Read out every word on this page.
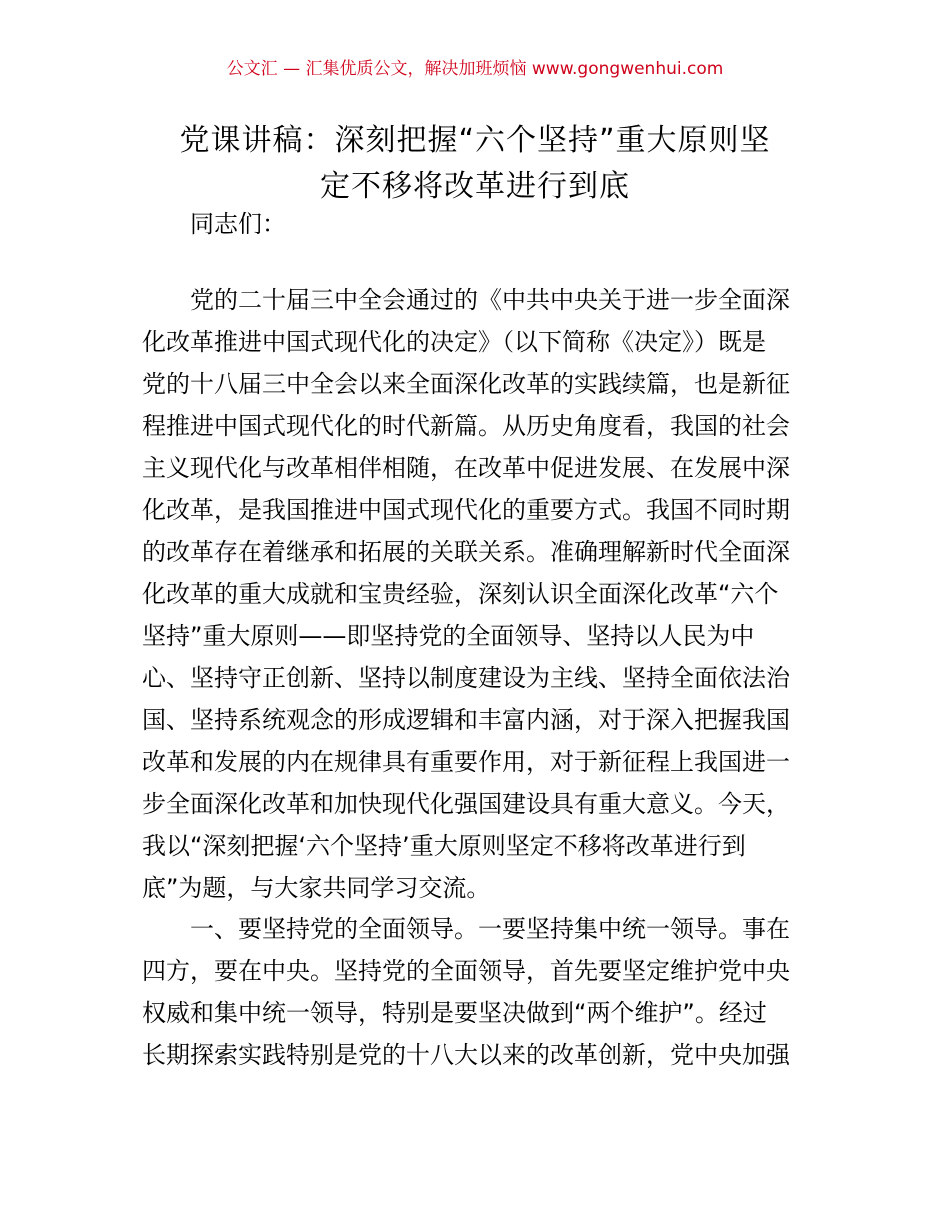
公文汇 — 汇集优质公文，解决加班烦恼 www.gongwenhui.com
党课讲稿：深刻把握“六个坚持”重大原则坚
定不移将改革进行到底
同志们：
党的二十届三中全会通过的《中共中央关于进一步全面深
化改革推进中国式现代化的决定》（以下简称《决定》）既是
党的十八届三中全会以来全面深化改革的实践续篇，也是新征
程推进中国式现代化的时代新篇。从历史角度看，我国的社会
主义现代化与改革相伴相随，在改革中促进发展、在发展中深
化改革，是我国推进中国式现代化的重要方式。我国不同时期
的改革存在着继承和拓展的关联关系。准确理解新时代全面深
化改革的重大成就和宝贵经验，深刻认识全面深化改革“六个
坚持”重大原则——即坚持党的全面领导、坚持以人民为中
心、坚持守正创新、坚持以制度建设为主线、坚持全面依法治
国、坚持系统观念的形成逻辑和丰富内涵，对于深入把握我国
改革和发展的内在规律具有重要作用，对于新征程上我国进一
步全面深化改革和加快现代化强国建设具有重大意义。今天，
我以“深刻把握‘六个坚持’重大原则坚定不移将改革进行到
底”为题，与大家共同学习交流。
一、要坚持党的全面领导。一要坚持集中统一领导。事在
四方，要在中央。坚持党的全面领导，首先要坚定维护党中央
权威和集中统一领导，特别是要坚决做到“两个维护”。经过
长期探索实践特别是党的十八大以来的改革创新，党中央加强
